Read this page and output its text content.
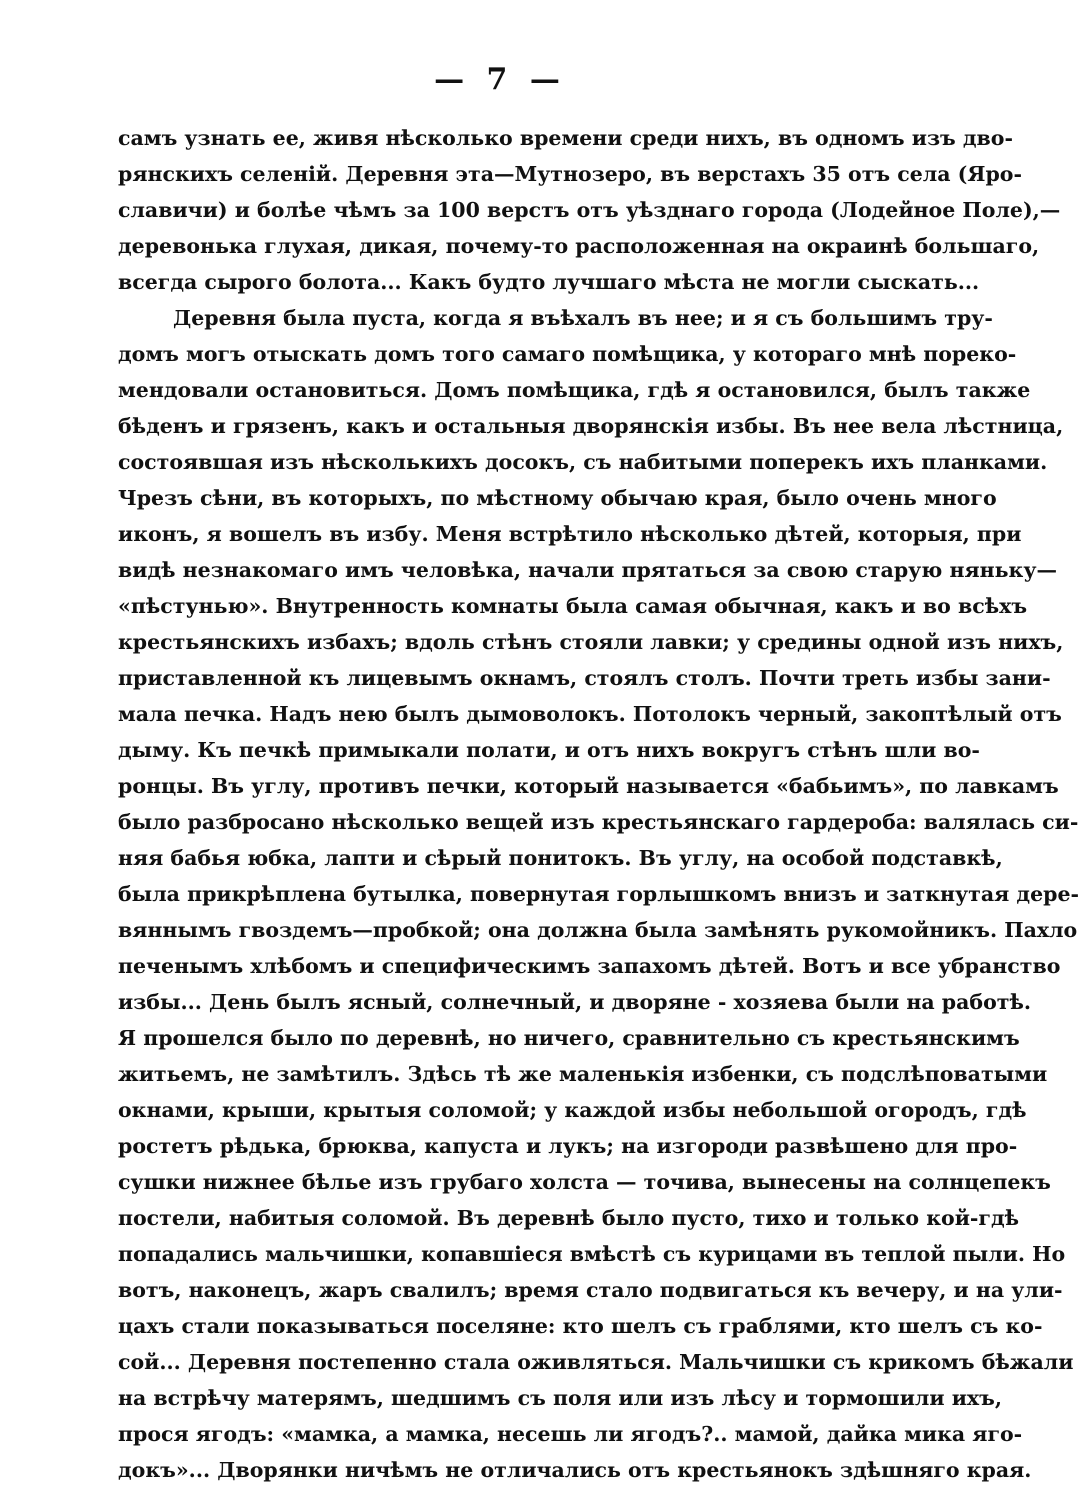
— 7 —
самъ узнать ее, живя нѣсколько времени среди нихъ, въ одномъ изъ дво-
рянскихъ селеній. Деревня эта—Мутнозеро, въ верстахъ 35 отъ села (Яро-
славичи) и болѣе чѣмъ за 100 верстъ отъ уѣзднаго города (Лодейное Поле),—
деревонька глухая, дикая, почему-то расположенная на окраинѣ большаго,
всегда сырого болота... Какъ будто лучшаго мѣста не могли сыскать...
Деревня была пуста, когда я въѣхалъ въ нее; и я съ большимъ тру-
домъ могъ отыскать домъ того самаго помѣщика, у котораго мнѣ пореко-
мендовали остановиться. Домъ помѣщика, гдѣ я остановился, былъ также
бѣденъ и грязенъ, какъ и остальныя дворянскія избы. Въ нее вела лѣстница,
состоявшая изъ нѣсколькихъ досокъ, съ набитыми поперекъ ихъ планками.
Чрезъ сѣни, въ которыхъ, по мѣстному обычаю края, было очень много
иконъ, я вошелъ въ избу. Меня встрѣтило нѣсколько дѣтей, которыя, при
видѣ незнакомаго имъ человѣка, начали прятаться за свою старую няньку—
«пѣстунью». Внутренность комнаты была самая обычная, какъ и во всѣхъ
крестьянскихъ избахъ; вдоль стѣнъ стояли лавки; у средины одной изъ нихъ,
приставленной къ лицевымъ окнамъ, стоялъ столъ. Почти треть избы зани-
мала печка. Надъ нею былъ дымоволокъ. Потолокъ черный, закоптѣлый отъ
дыму. Къ печкѣ примыкали полати, и отъ нихъ вокругъ стѣнъ шли во-
ронцы. Въ углу, противъ печки, который называется «бабьимъ», по лавкамъ
было разбросано нѣсколько вещей изъ крестьянскаго гардероба: валялась си-
няя бабья юбка, лапти и сѣрый понитокъ. Въ углу, на особой подставкѣ,
была прикрѣплена бутылка, повернутая горлышкомъ внизъ и заткнутая дере-
вяннымъ гвоздемъ—пробкой; она должна была замѣнять рукомойникъ. Пахло
печенымъ хлѣбомъ и специфическимъ запахомъ дѣтей. Вотъ и все убранство
избы... День былъ ясный, солнечный, и дворяне - хозяева были на работѣ.
Я прошелся было по деревнѣ, но ничего, сравнительно съ крестьянскимъ
житьемъ, не замѣтилъ. Здѣсь тѣ же маленькія избенки, съ подслѣповатыми
окнами, крыши, крытыя соломой; у каждой избы небольшой огородъ, гдѣ
ростетъ рѣдька, брюква, капуста и лукъ; на изгороди развѣшено для про-
сушки нижнее бѣлье изъ грубаго холста — точива, вынесены на солнцепекъ
постели, набитыя соломой. Въ деревнѣ было пусто, тихо и только кой-гдѣ
попадались мальчишки, копавшіеся вмѣстѣ съ курицами въ теплой пыли. Но
вотъ, наконецъ, жаръ свалилъ; время стало подвигаться къ вечеру, и на ули-
цахъ стали показываться поселяне: кто шелъ съ граблями, кто шелъ съ ко-
сой... Деревня постепенно стала оживляться. Мальчишки съ крикомъ бѣжали
на встрѣчу матерямъ, шедшимъ съ поля или изъ лѣсу и тормошили ихъ,
прося ягодъ: «мамка, а мамка, несешь ли ягодъ?.. мамой, дайка мика яго-
докъ»... Дворянки ничѣмъ не отличались отъ крестьянокъ здѣшняго края.
